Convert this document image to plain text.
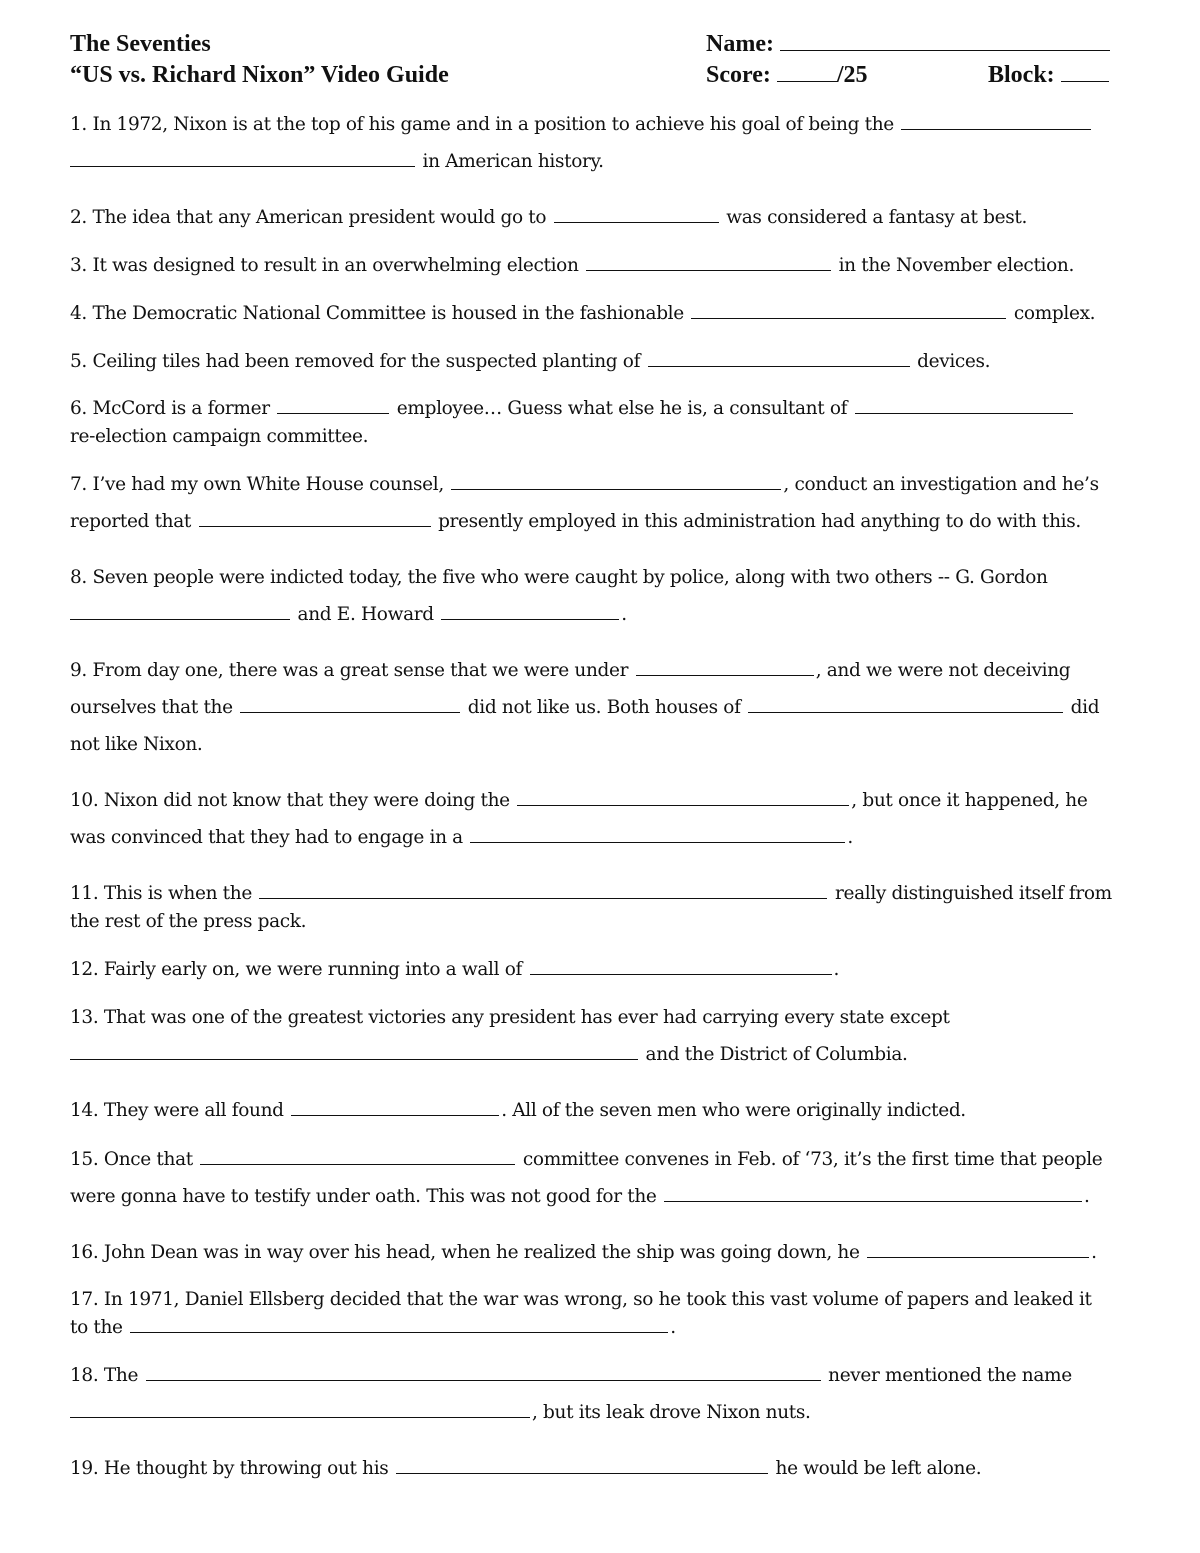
The Seventies
“US vs. Richard Nixon” Video Guide
Name:
Score:	/25	Block:
1. In 1972, Nixon is at the top of his game and in a position to achieve his goal of being the
in American history.
2. The idea that any American president would go to	was considered a fantasy at best.
3. It was designed to result in an overwhelming election	in the November election.
4. The Democratic National Committee is housed in the fashionable	complex.
5. Ceiling tiles had been removed for the suspected planting of	devices.
6. McCord is a former	employee… Guess what else he is, a consultant of
re-election campaign committee.
7. I’ve had my own White House counsel,	, conduct an investigation and he’s
reported that	presently employed in this administration had anything to do with this.
8. Seven people were indicted today, the five who were caught by police, along with two others -- G. Gordon
and E. Howard	.
9. From day one, there was a great sense that we were under	, and we were not deceiving
ourselves that the	did not like us. Both houses of	did
not like Nixon.
10. Nixon did not know that they were doing the	, but once it happened, he
was convinced that they had to engage in a	.
11. This is when the	really distinguished itself from
the rest of the press pack.
12. Fairly early on, we were running into a wall of	.
13. That was one of the greatest victories any president has ever had carrying every state except
and the District of Columbia.
14. They were all found	. All of the seven men who were originally indicted.
15. Once that	committee convenes in Feb. of ‘73, it’s the first time that people
were gonna have to testify under oath. This was not good for the	.
16. John Dean was in way over his head, when he realized the ship was going down, he	.
17. In 1971, Daniel Ellsberg decided that the war was wrong, so he took this vast volume of papers and leaked it
to the	.
18. The	never mentioned the name
, but its leak drove Nixon nuts.
19. He thought by throwing out his	he would be left alone.
